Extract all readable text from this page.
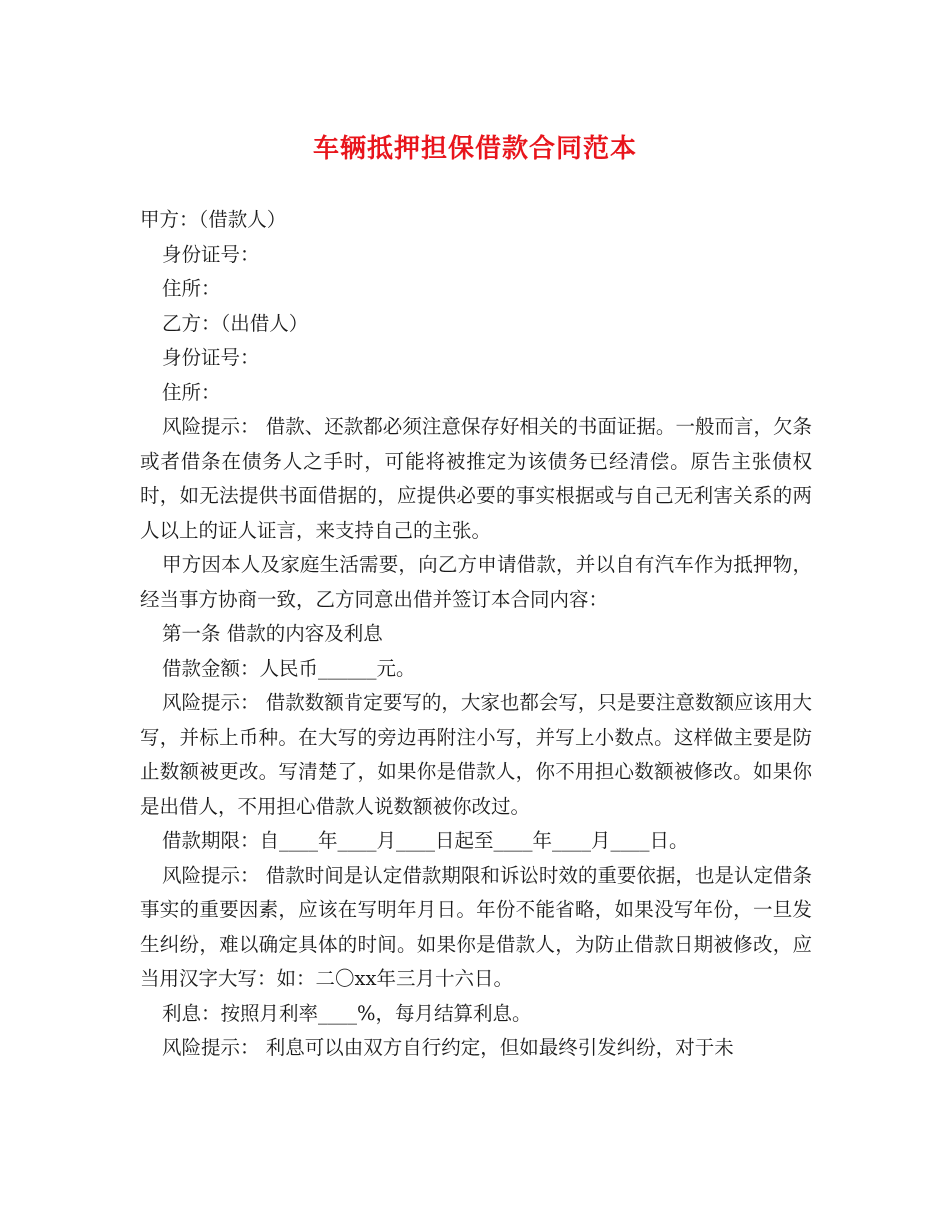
车辆抵押担保借款合同范本

甲方：（借款人）

身份证号：

住所：

乙方：（出借人）

身份证号：

住所：

风险提示： 借款、还款都必须注意保存好相关的书面证据。一般而言，欠条或者借条在债务人之手时，可能将被推定为该债务已经清偿。原告主张债权时，如无法提供书面借据的，应提供必要的事实根据或与自己无利害关系的两人以上的证人证言，来支持自己的主张。

甲方因本人及家庭生活需要，向乙方申请借款，并以自有汽车作为抵押物，经当事方协商一致，乙方同意出借并签订本合同内容：

第一条 借款的内容及利息

借款金额：人民币______元。

风险提示： 借款数额肯定要写的，大家也都会写，只是要注意数额应该用大写，并标上币种。在大写的旁边再附注小写，并写上小数点。这样做主要是防止数额被更改。写清楚了，如果你是借款人，你不用担心数额被修改。如果你是出借人，不用担心借款人说数额被你改过。

借款期限：自____年____月____日起至____年____月____日。

风险提示： 借款时间是认定借款期限和诉讼时效的重要依据，也是认定借条事实的重要因素，应该在写明年月日。年份不能省略，如果没写年份，一旦发生纠纷，难以确定具体的时间。如果你是借款人，为防止借款日期被修改，应当用汉字大写：如：二〇xx年三月十六日。

利息：按照月利率____%，每月结算利息。

风险提示： 利息可以由双方自行约定，但如最终引发纠纷，对于未
